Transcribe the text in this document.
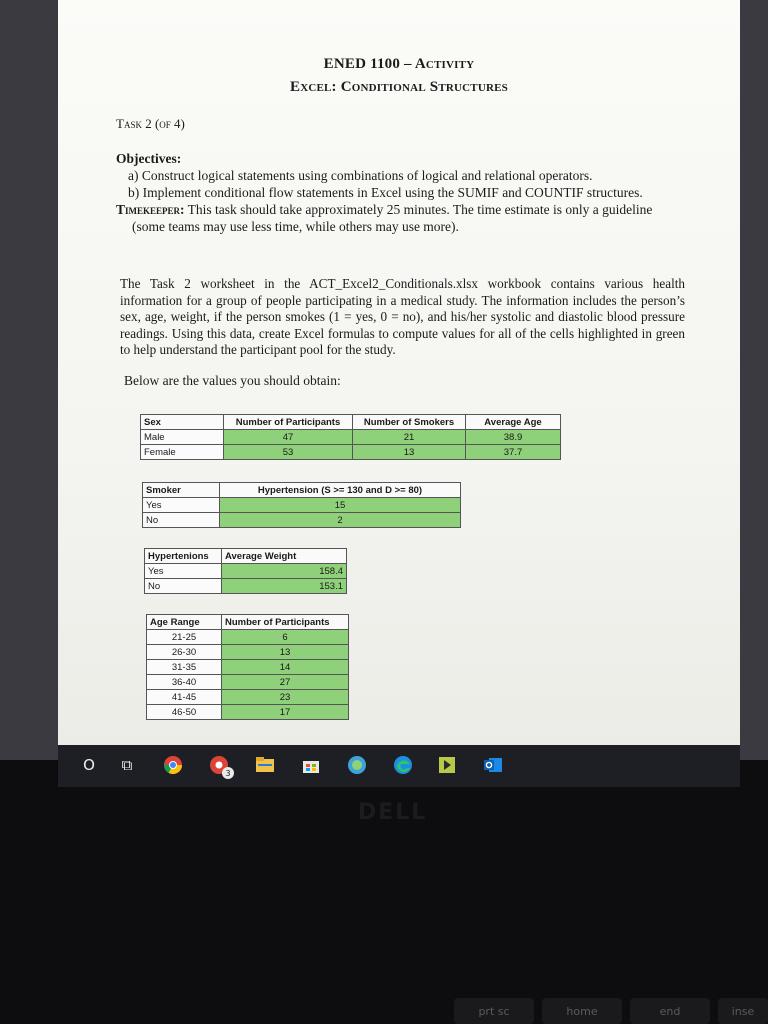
ENED 1100 – Activity
Excel: Conditional Structures
Task 2 (of 4)
Objectives:
a) Construct logical statements using combinations of logical and relational operators.
b) Implement conditional flow statements in Excel using the SUMIF and COUNTIF structures.
Timekeeper: This task should take approximately 25 minutes. The time estimate is only a guideline (some teams may use less time, while others may use more).
The Task 2 worksheet in the ACT_Excel2_Conditionals.xlsx workbook contains various health information for a group of people participating in a medical study. The information includes the person’s sex, age, weight, if the person smokes (1 = yes, 0 = no), and his/her systolic and diastolic blood pressure readings. Using this data, create Excel formulas to compute values for all of the cells highlighted in green to help understand the participant pool for the study.
Below are the values you should obtain:
Sex	Number of Participants	Number of Smokers	Average Age
Male	47	21	38.9
Female	53	13	37.7
Smoker	Hypertension (S >= 130 and D >= 80)
Yes	15
No	2
Hypertenions	Average Weight
Yes	158.4
No	153.1
Age Range	Number of Participants
21-25	6
26-30	13
31-35	14
36-40	27
41-45	23
46-50	17
O	⧉	3
DELL
prt sc	home	end	inse
